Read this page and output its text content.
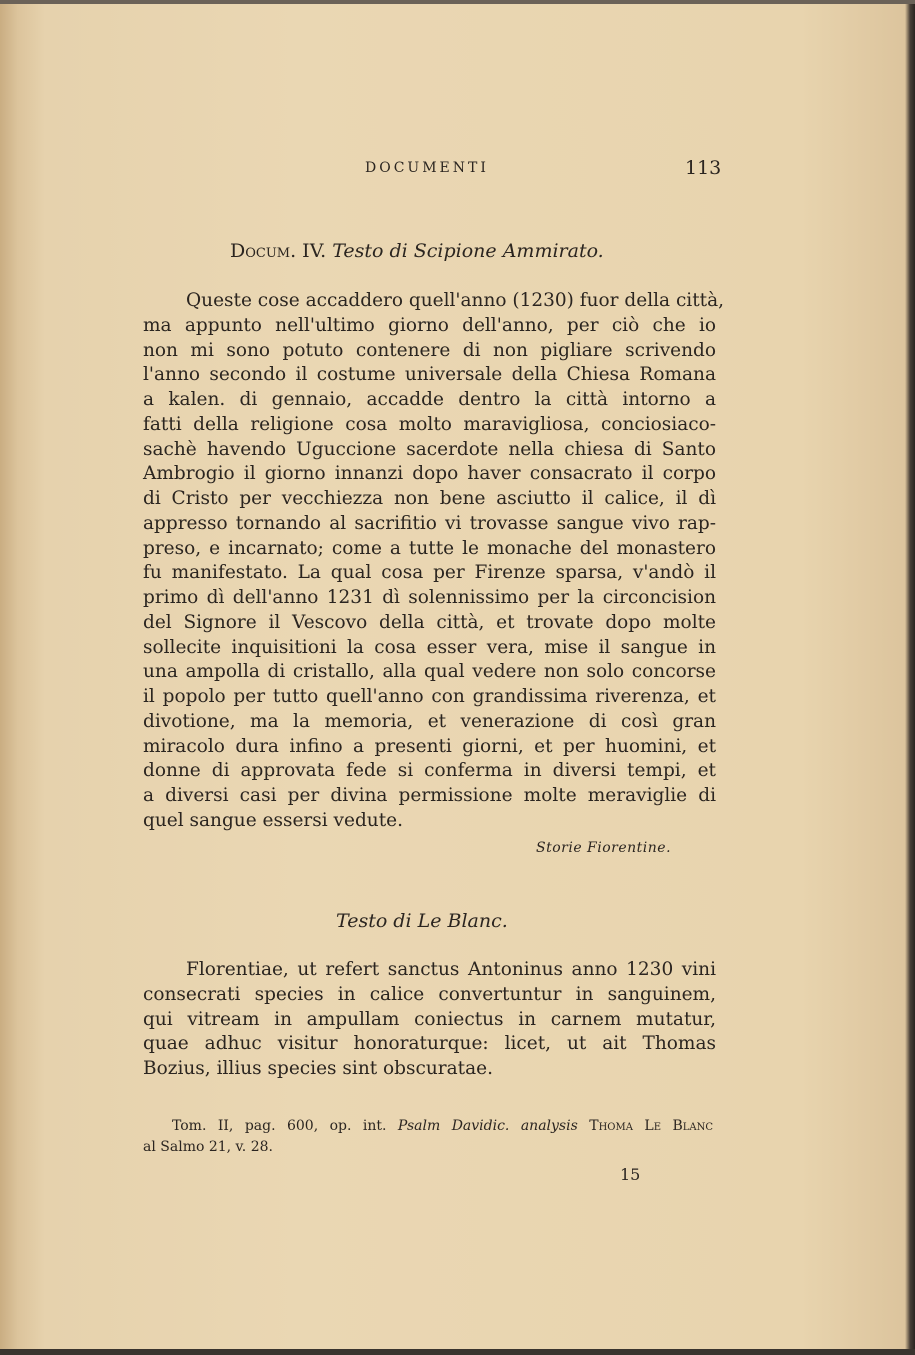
DOCUMENTI	113
Docum. IV. Testo di Scipione Ammirato.
Queste cose accaddero quell'anno (1230) fuor della città,
ma appunto nell'ultimo giorno dell'anno, per ciò che io
non mi sono potuto contenere di non pigliare scrivendo
l'anno secondo il costume universale della Chiesa Romana
a kalen. di gennaio, accadde dentro la città intorno a
fatti della religione cosa molto maravigliosa, conciosiaco-
sachè havendo Uguccione sacerdote nella chiesa di Santo
Ambrogio il giorno innanzi dopo haver consacrato il corpo
di Cristo per vecchiezza non bene asciutto il calice, il dì
appresso tornando al sacrifitio vi trovasse sangue vivo rap-
preso, e incarnato; come a tutte le monache del monastero
fu manifestato. La qual cosa per Firenze sparsa, v'andò il
primo dì dell'anno 1231 dì solennissimo per la circoncision
del Signore il Vescovo della città, et trovate dopo molte
sollecite inquisitioni la cosa esser vera, mise il sangue in
una ampolla di cristallo, alla qual vedere non solo concorse
il popolo per tutto quell'anno con grandissima riverenza, et
divotione, ma la memoria, et venerazione di così gran
miracolo dura infino a presenti giorni, et per huomini, et
donne di approvata fede si conferma in diversi tempi, et
a diversi casi per divina permissione molte meraviglie di
quel sangue essersi vedute.
Storie Fiorentine.
Testo di Le Blanc.
Florentiae, ut refert sanctus Antoninus anno 1230 vini
consecrati species in calice convertuntur in sanguinem,
qui vitream in ampullam coniectus in carnem mutatur,
quae adhuc visitur honoraturque: licet, ut ait Thomas
Bozius, illius species sint obscuratae.
Tom. II, pag. 600, op. int. Psalm Davidic. analysis Thoma Le Blanc
al Salmo 21, v. 28.
15
